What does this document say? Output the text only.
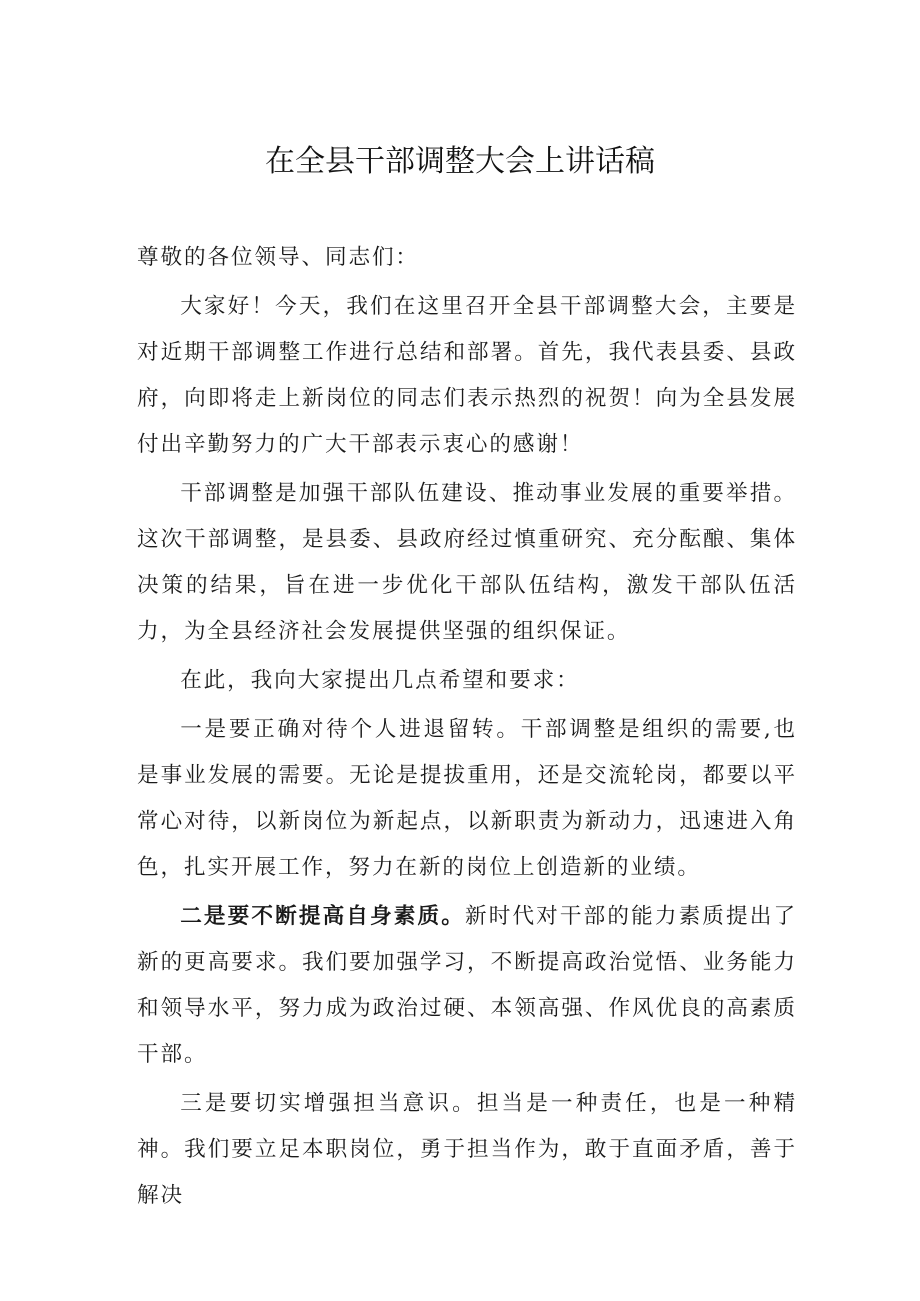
在全县干部调整大会上讲话稿

尊敬的各位领导、同志们：

大家好！今天，我们在这里召开全县干部调整大会，主要是对近期干部调整工作进行总结和部署。首先，我代表县委、县政府，向即将走上新岗位的同志们表示热烈的祝贺！向为全县发展付出辛勤努力的广大干部表示衷心的感谢！

干部调整是加强干部队伍建设、推动事业发展的重要举措。这次干部调整，是县委、县政府经过慎重研究、充分酝酿、集体决策的结果，旨在进一步优化干部队伍结构，激发干部队伍活力，为全县经济社会发展提供坚强的组织保证。

在此，我向大家提出几点希望和要求：

一是要正确对待个人进退留转。干部调整是组织的需要,也是事业发展的需要。无论是提拔重用，还是交流轮岗，都要以平常心对待，以新岗位为新起点，以新职责为新动力，迅速进入角色，扎实开展工作，努力在新的岗位上创造新的业绩。

二是要不断提高自身素质。新时代对干部的能力素质提出了新的更高要求。我们要加强学习，不断提高政治觉悟、业务能力和领导水平，努力成为政治过硬、本领高强、作风优良的高素质干部。

三是要切实增强担当意识。担当是一种责任，也是一种精神。我们要立足本职岗位，勇于担当作为，敢于直面矛盾，善于解决
